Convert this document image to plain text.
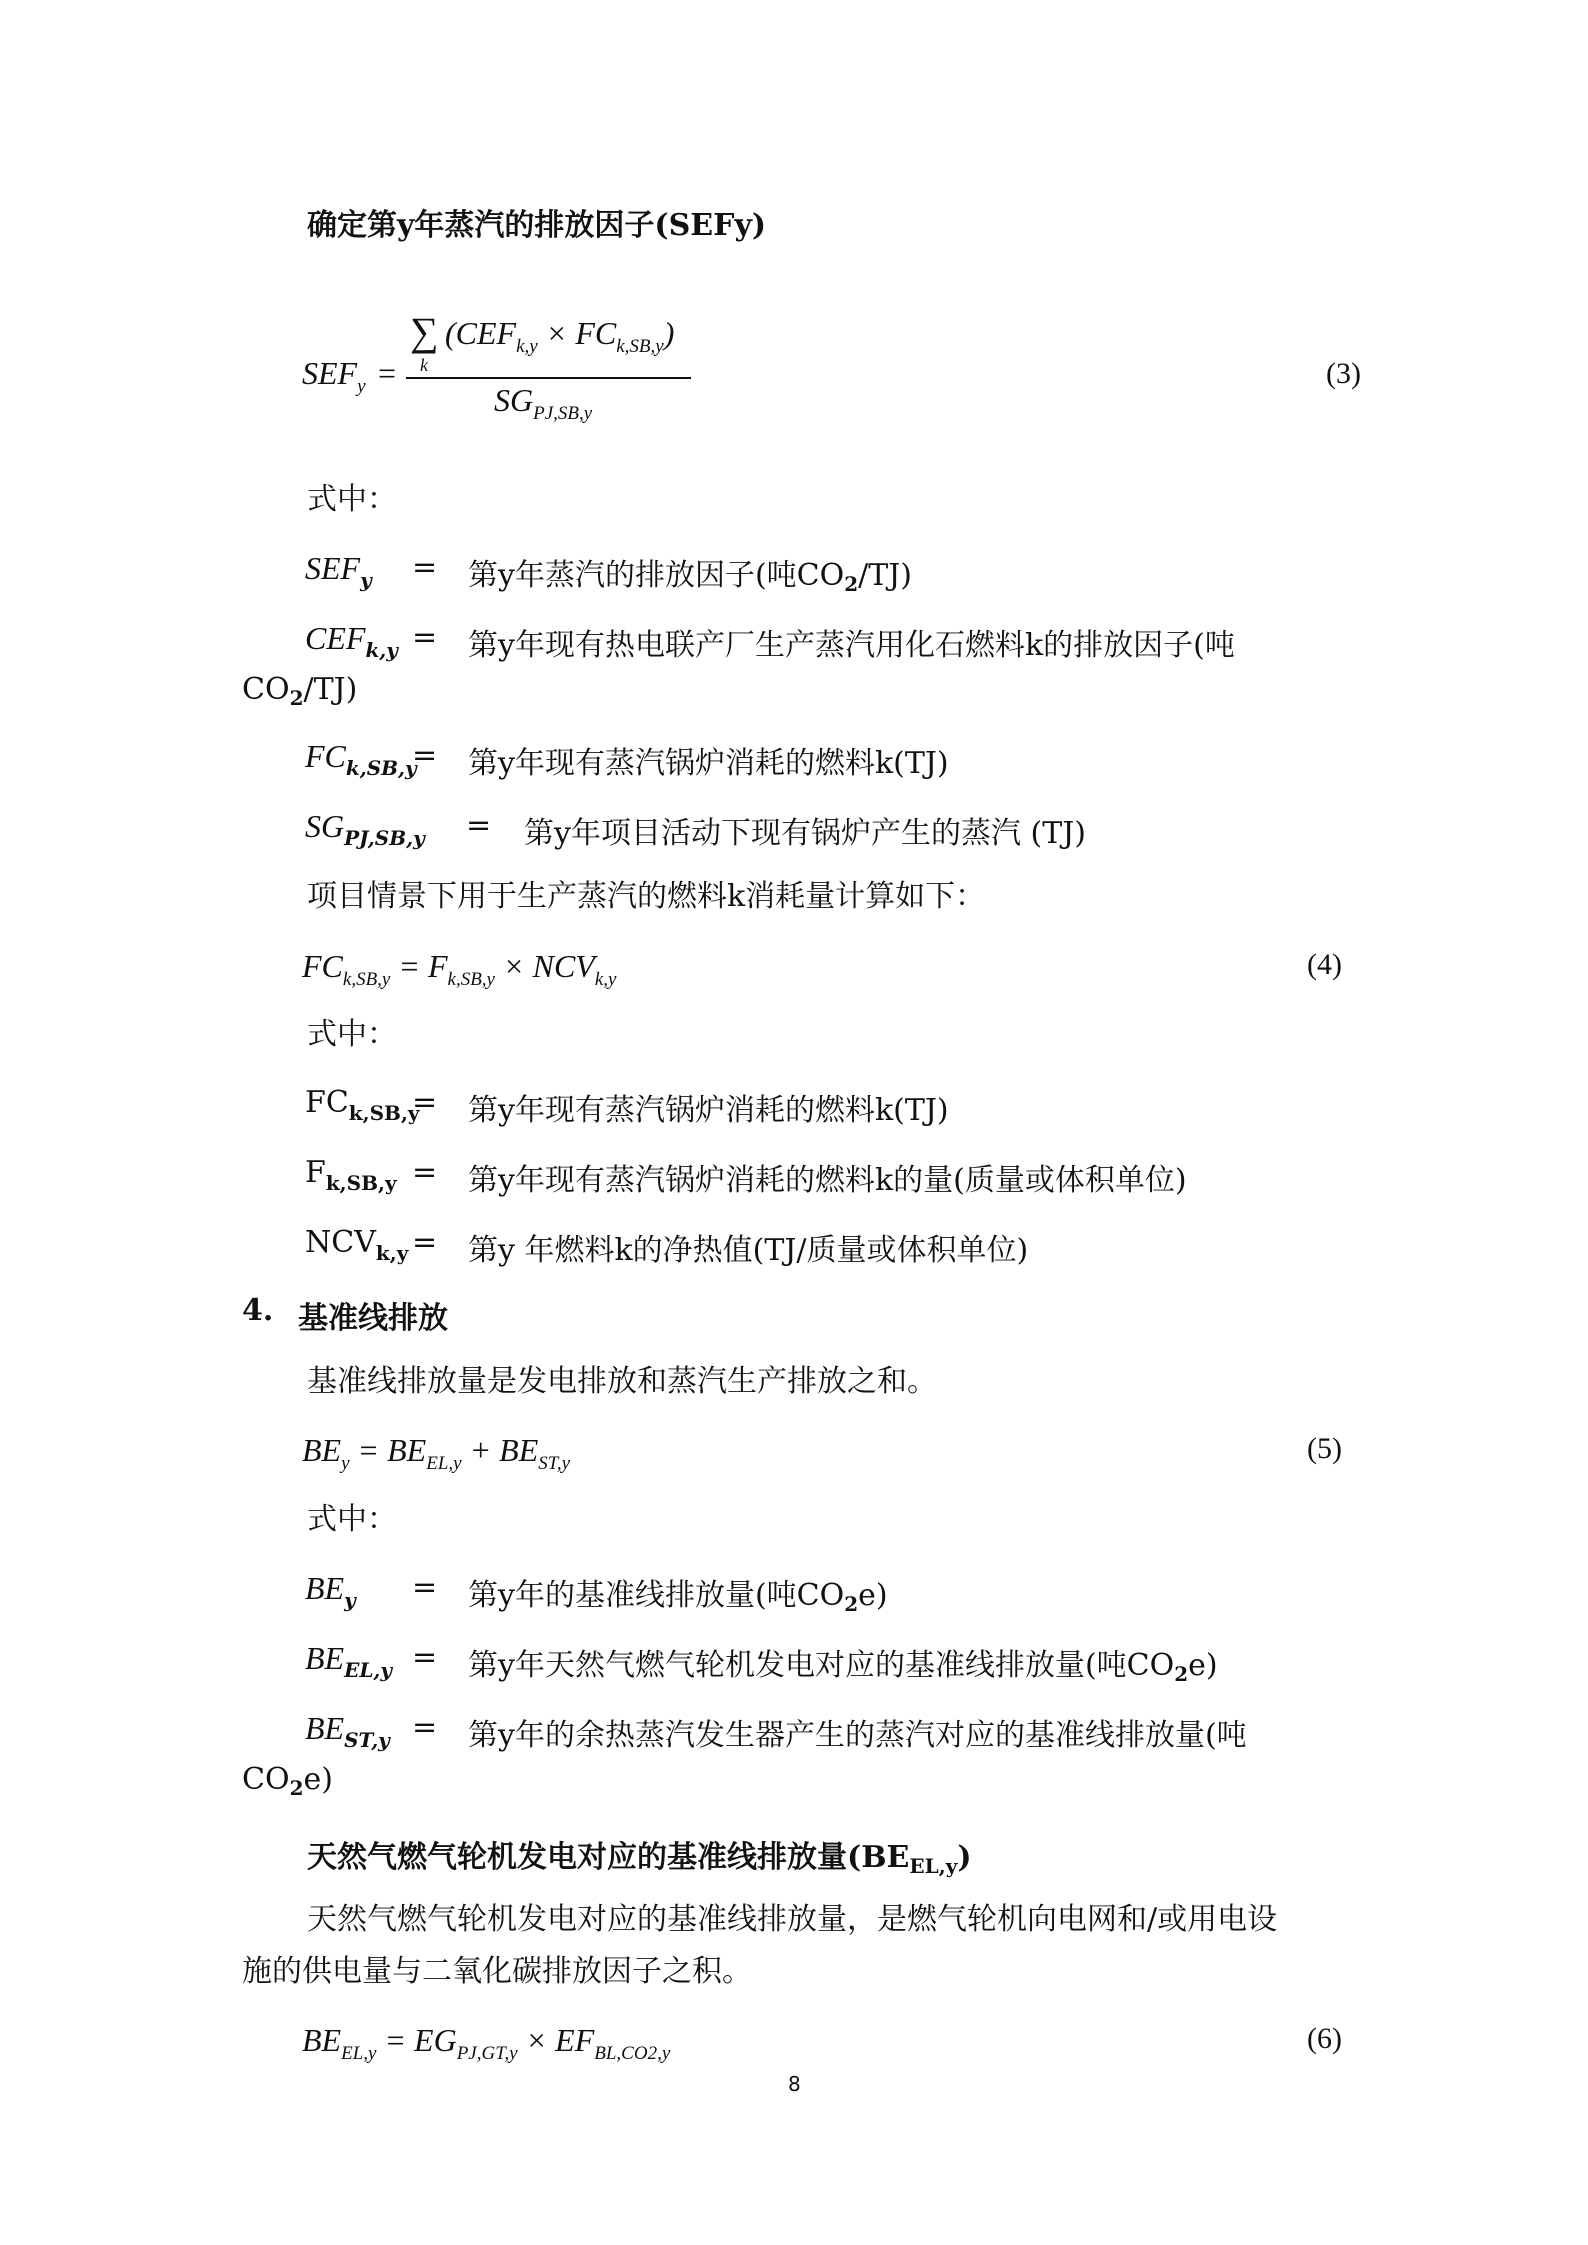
确定第y年蒸汽的排放因子(SEFy)
$SEF_y$ =
∑
k
$(CEF_{k,y} \times FC_{k,SB,y})$
$SG_{PJ,SB,y}$
(3)
式中：
$SEF_y$ = 第y年蒸汽的排放因子(吨$CO_2/TJ$)
$CEF_{k,y}$ = 第y年现有热电联产厂生产蒸汽用化石燃料k的排放因子(吨
$CO_2/TJ$)
$FC_{k,SB,y}$
= 第y年现有蒸汽锅炉消耗的燃料k(TJ)
$SG_{PJ,SB,y}$ = 第y年项目活动下现有锅炉产生的蒸汽 (TJ)
项目情景下用于生产蒸汽的燃料k消耗量计算如下：
$FC_{k,SB,y} = F_{k,SB,y} \times NCV_{k,y}$	(4)
式中：
$FC_{k,SB,y}$
= 第y年现有蒸汽锅炉消耗的燃料k(TJ)
$F_{k,SB,y}$ = 第y年现有蒸汽锅炉消耗的燃料k的量(质量或体积单位)
$NCV_{k,y}$ = 第y 年燃料k的净热值(TJ/质量或体积单位)
4. 基准线排放
基准线排放量是发电排放和蒸汽生产排放之和。
$BE_y = BE_{EL,y} + BE_{ST,y}$	(5)
式中：
$BE_y$ = 第y年的基准线排放量(吨$CO_2e$)
$BE_{EL,y}$ = 第y年天然气燃气轮机发电对应的基准线排放量(吨$CO_2e$)
$BE_{ST,y}$ = 第y年的余热蒸汽发生器产生的蒸汽对应的基准线排放量(吨
$CO_2e$)
天然气燃气轮机发电对应的基准线排放量$(BE_{EL,y})$
天然气燃气轮机发电对应的基准线排放量，是燃气轮机向电网和/或用电设
施的供电量与二氧化碳排放因子之积。
$BE_{EL,y} = EG_{PJ,GT,y} \times EF_{BL,CO2,y}$	(6)
8
